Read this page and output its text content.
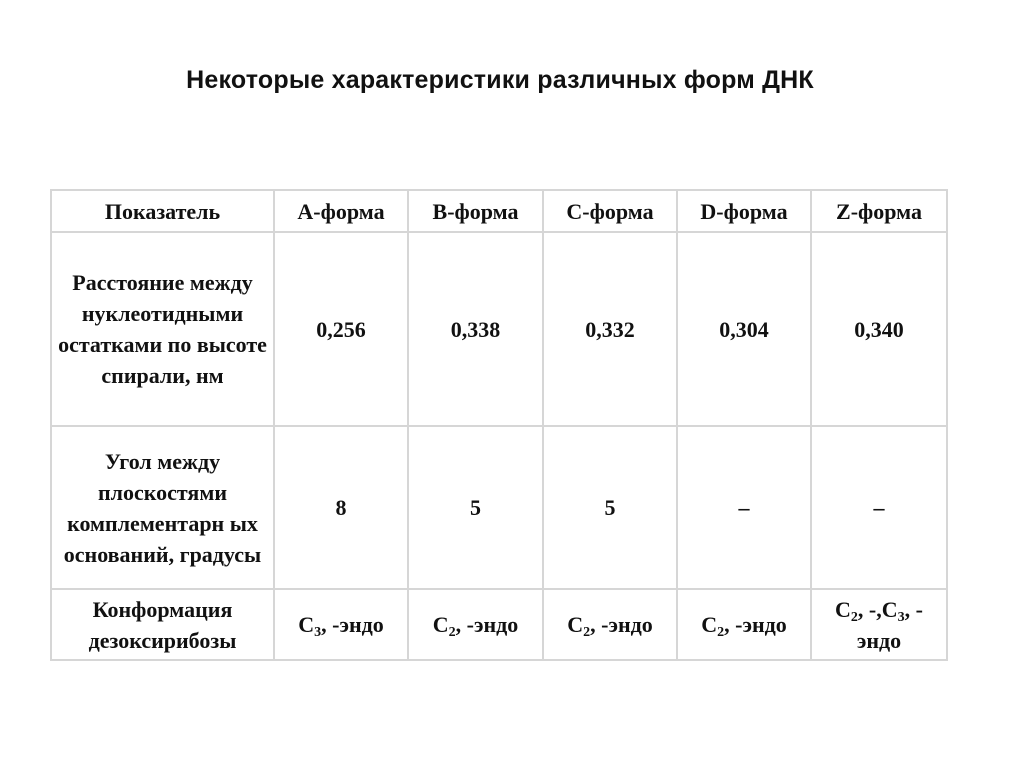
Некоторые характеристики различных форм ДНК
Показатель	А-форма	В-форма	С-форма	D-форма	Z-форма
Расстояние между нуклеотидными остатками по высоте спирали, нм	0,256	0,338	0,332	0,304	0,340
Угол между плоскостями комплементарн ых оснований, градусы	8	5	5	–	–
Конформация дезоксирибозы	$С_3$, -эндо	$С_2$, -эндо	$С_2$, -эндо	$С_2$, -эндо	$С_2$, $-,С_3$, -
эндо
